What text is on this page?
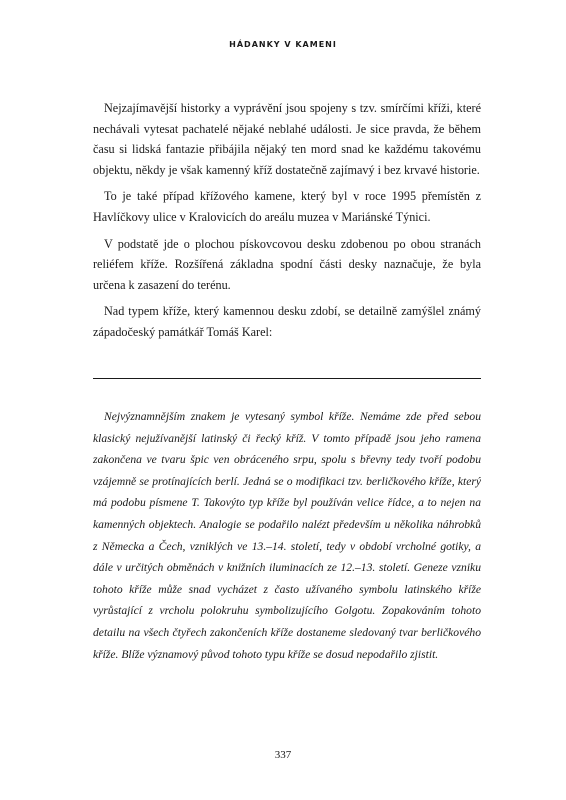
HÁDANKY V KAMENI

Nejzajímavější historky a vyprávění jsou spojeny s tzv. smírčími kříži, které nechávali vytesat pachatelé nějaké neblahé události. Je sice pravda, že během času si lidská fantazie přibájila nějaký ten mord snad ke každému takovému objektu, někdy je však kamenný kříž dostatečně zajímavý i bez krvavé historie.

To je také případ křížového kamene, který byl v roce 1995 přemístěn z Havlíčkovy ulice v Kralovicích do areálu muzea v Mariánské Týnici.

V podstatě jde o plochou pískovcovou desku zdobenou po obou stranách reliéfem kříže. Rozšířená základna spodní části desky naznačuje, že byla určena k zasazení do terénu.

Nad typem kříže, který kamennou desku zdobí, se detailně zamýšlel známý západočeský památkář Tomáš Karel:

Nejvýznamnějším znakem je vytesaný symbol kříže. Nemáme zde před sebou klasický nejužívanější latinský či řecký kříž. V tomto případě jsou jeho ramena zakončena ve tvaru špic ven obráceného srpu, spolu s břevny tedy tvoří podobu vzájemně se protínajících berlí. Jedná se o modifikaci tzv. berličkového kříže, který má podobu písmene T. Takovýto typ kříže byl používán velice řídce, a to nejen na kamenných objektech. Analogie se podařilo nalézt především u několika náhrobků z Německa a Čech, vzniklých ve 13.–14. století, tedy v období vrcholné gotiky, a dále v určitých obměnách v knižních iluminacích ze 12.–13. století. Geneze vzniku tohoto kříže může snad vycházet z často užívaného symbolu latinského kříže vyrůstající z vrcholu polokruhu symbolizujícího Golgotu. Zopakováním tohoto detailu na všech čtyřech zakončeních kříže dostaneme sledovaný tvar berličkového kříže. Blíže významový původ tohoto typu kříže se dosud nepodařilo zjistit.

337
